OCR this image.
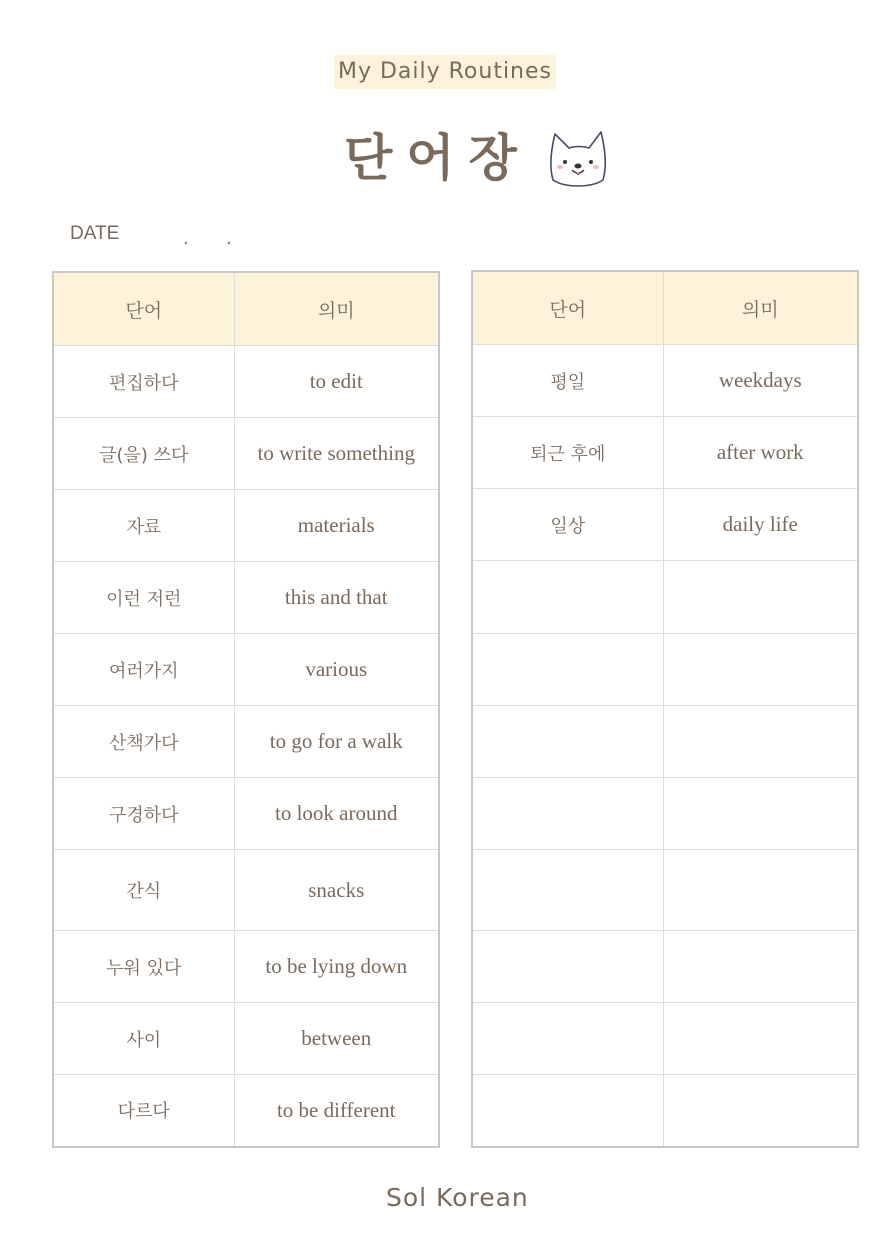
My Daily Routines
단어장
DATE	. .
단어	의미
편집하다	to edit
글(을) 쓰다	to write something
자료	materials
이런 저런	this and that
여러가지	various
산책가다	to go for a walk
구경하다	to look around
간식	snacks
누워 있다	to be lying down
사이	between
다르다	to be different
단어	의미
평일	weekdays
퇴근 후에	after work
일상	daily life

Sol Korean
